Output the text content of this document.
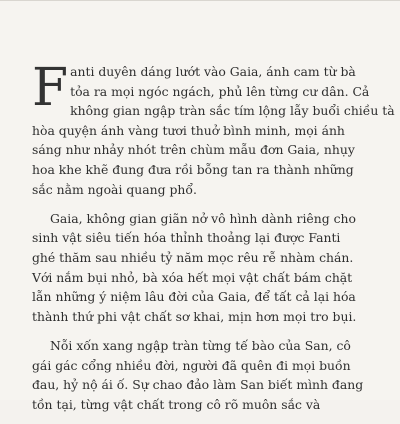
F anti duyên dáng lướt vào Gaia, ánh cam từ bà
tỏa ra mọi ngóc ngách, phủ lên từng cư dân. Cả
không gian ngập tràn sắc tím lộng lẫy buổi chiều tà
hòa quyện ánh vàng tươi thuở bình minh, mọi ánh
sáng như nhảy nhót trên chùm mẫu đơn Gaia, nhụy
hoa khe khẽ đung đưa rồi bỗng tan ra thành những
sắc nằm ngoài quang phổ.
Gaia, không gian giãn nở vô hình dành riêng cho
sinh vật siêu tiến hóa thỉnh thoảng lại được Fanti
ghé thăm sau nhiều tỷ năm mọc rêu rễ nhàm chán.
Với nắm bụi nhỏ, bà xóa hết mọi vật chất bám chặt
lẫn những ý niệm lâu đời của Gaia, để tất cả lại hóa
thành thứ phi vật chất sơ khai, mịn hơn mọi tro bụi.
Nỗi xốn xang ngập tràn từng tế bào của San, cô
gái gác cổng nhiều đời, người đã quên đi mọi buồn
đau, hỷ nộ ái ố. Sự chao đảo làm San biết mình đang
tồn tại, từng vật chất trong cô rõ muôn sắc và
